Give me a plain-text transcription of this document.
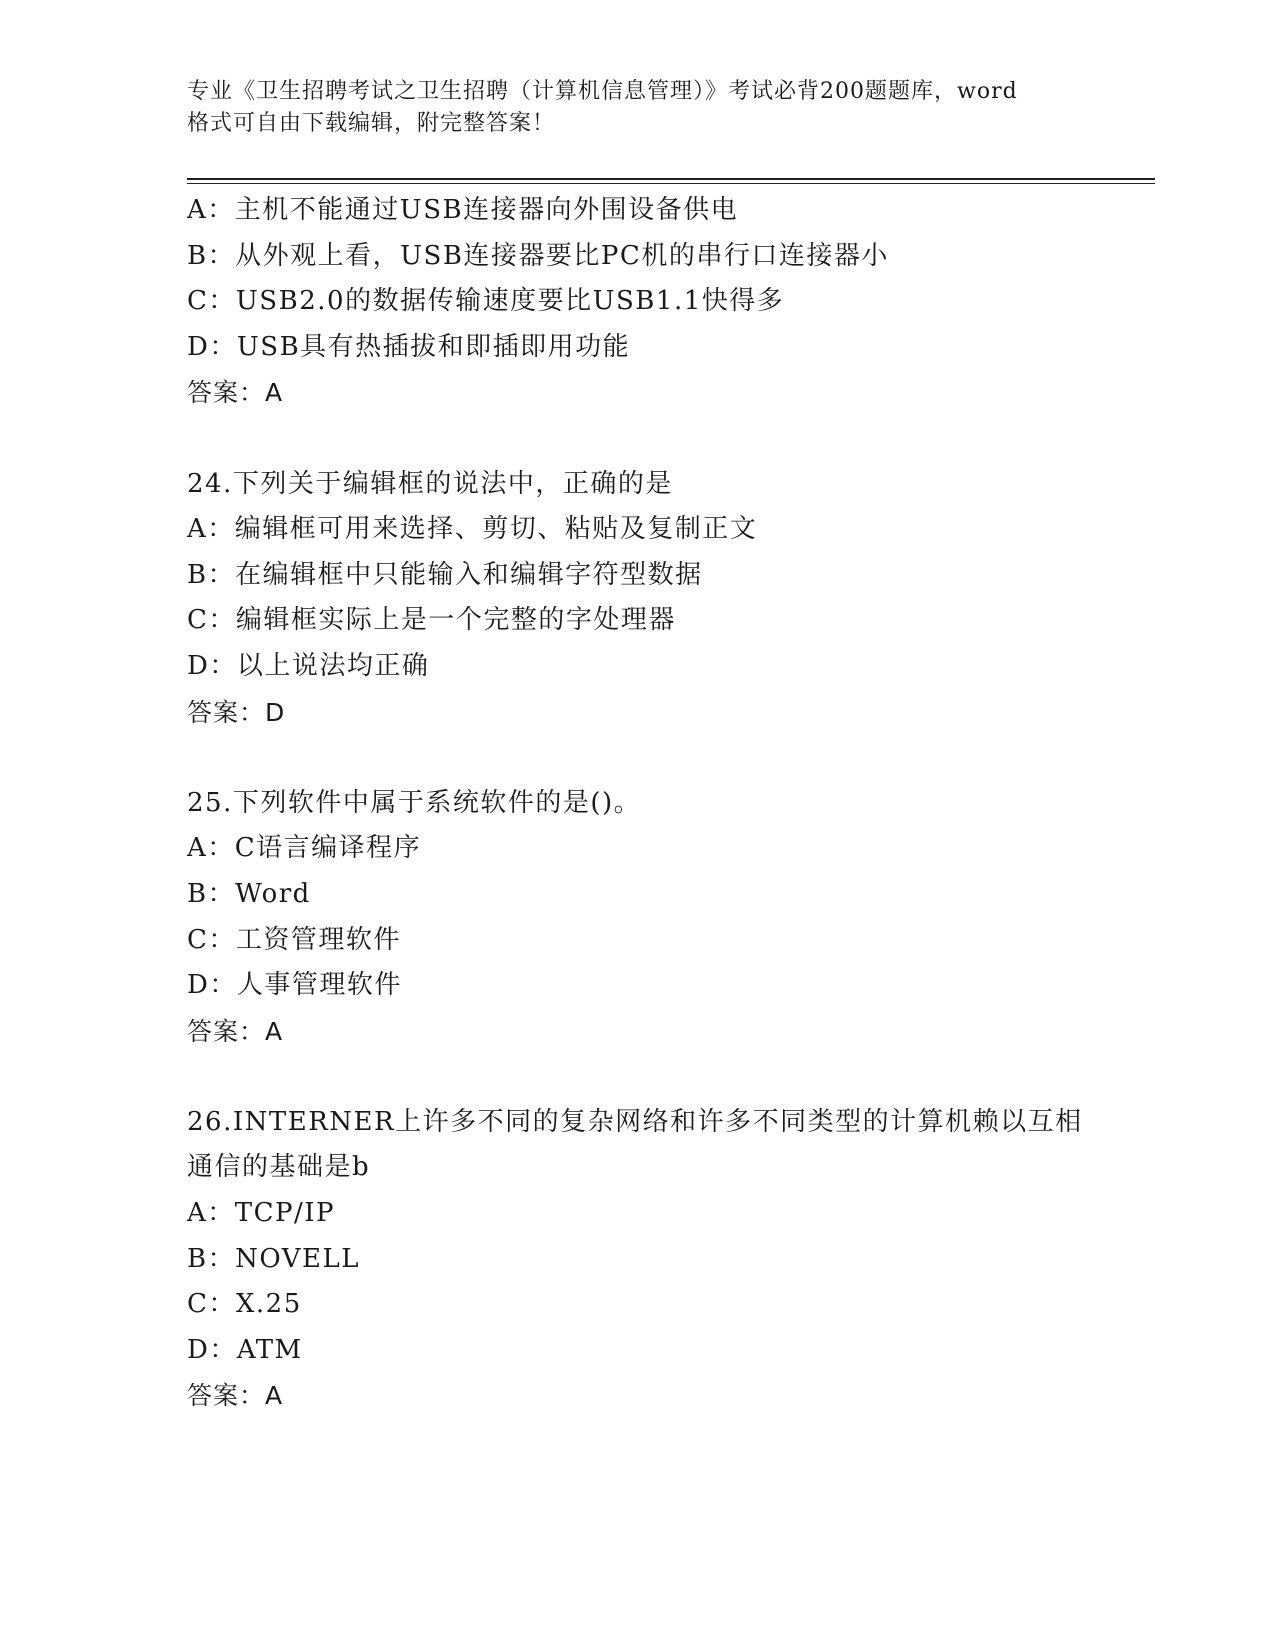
专业《卫生招聘考试之卫生招聘（计算机信息管理）》考试必背200题题库，word
格式可自由下载编辑，附完整答案！
A：主机不能通过USB连接器向外围设备供电
B：从外观上看，USB连接器要比PC机的串行口连接器小
C：USB2.0的数据传输速度要比USB1.1快得多
D：USB具有热插拔和即插即用功能
答案：A
24.下列关于编辑框的说法中，正确的是
A：编辑框可用来选择、剪切、粘贴及复制正文
B：在编辑框中只能输入和编辑字符型数据
C：编辑框实际上是一个完整的字处理器
D：以上说法均正确
答案：D
25.下列软件中属于系统软件的是()。
A：C语言编译程序
B：Word
C：工资管理软件
D：人事管理软件
答案：A
26.INTERNER上许多不同的复杂网络和许多不同类型的计算机赖以互相
通信的基础是b
A：TCP/IP
B：NOVELL
C：X.25
D：ATM
答案：A
